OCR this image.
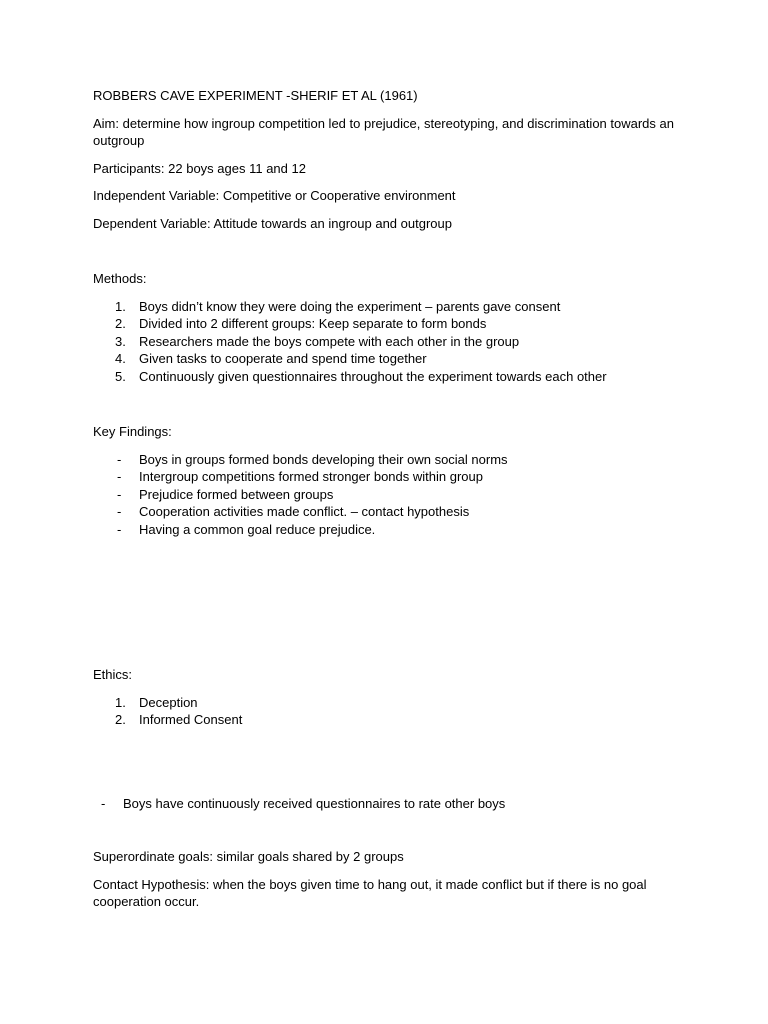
ROBBERS CAVE EXPERIMENT -SHERIF ET AL (1961)

Aim: determine how ingroup competition led to prejudice, stereotyping, and discrimination towards an outgroup

Participants: 22 boys ages 11 and 12

Independent Variable: Competitive or Cooperative environment

Dependent Variable: Attitude towards an ingroup and outgroup

Methods:

1.	Boys didn’t know they were doing the experiment – parents gave consent
2.	Divided into 2 different groups: Keep separate to form bonds
3.	Researchers made the boys compete with each other in the group
4.	Given tasks to cooperate and spend time together
5.	Continuously given questionnaires throughout the experiment towards each other

Key Findings:

-	Boys in groups formed bonds developing their own social norms
-	Intergroup competitions formed stronger bonds within group
-	Prejudice formed between groups
-	Cooperation activities made conflict. – contact hypothesis
-	Having a common goal reduce prejudice.

Ethics:

1.	Deception
2.	Informed Consent
-	Boys have continuously received questionnaires to rate other boys

Superordinate goals: similar goals shared by 2 groups

Contact Hypothesis: when the boys given time to hang out, it made conflict but if there is no goal cooperation occur.
